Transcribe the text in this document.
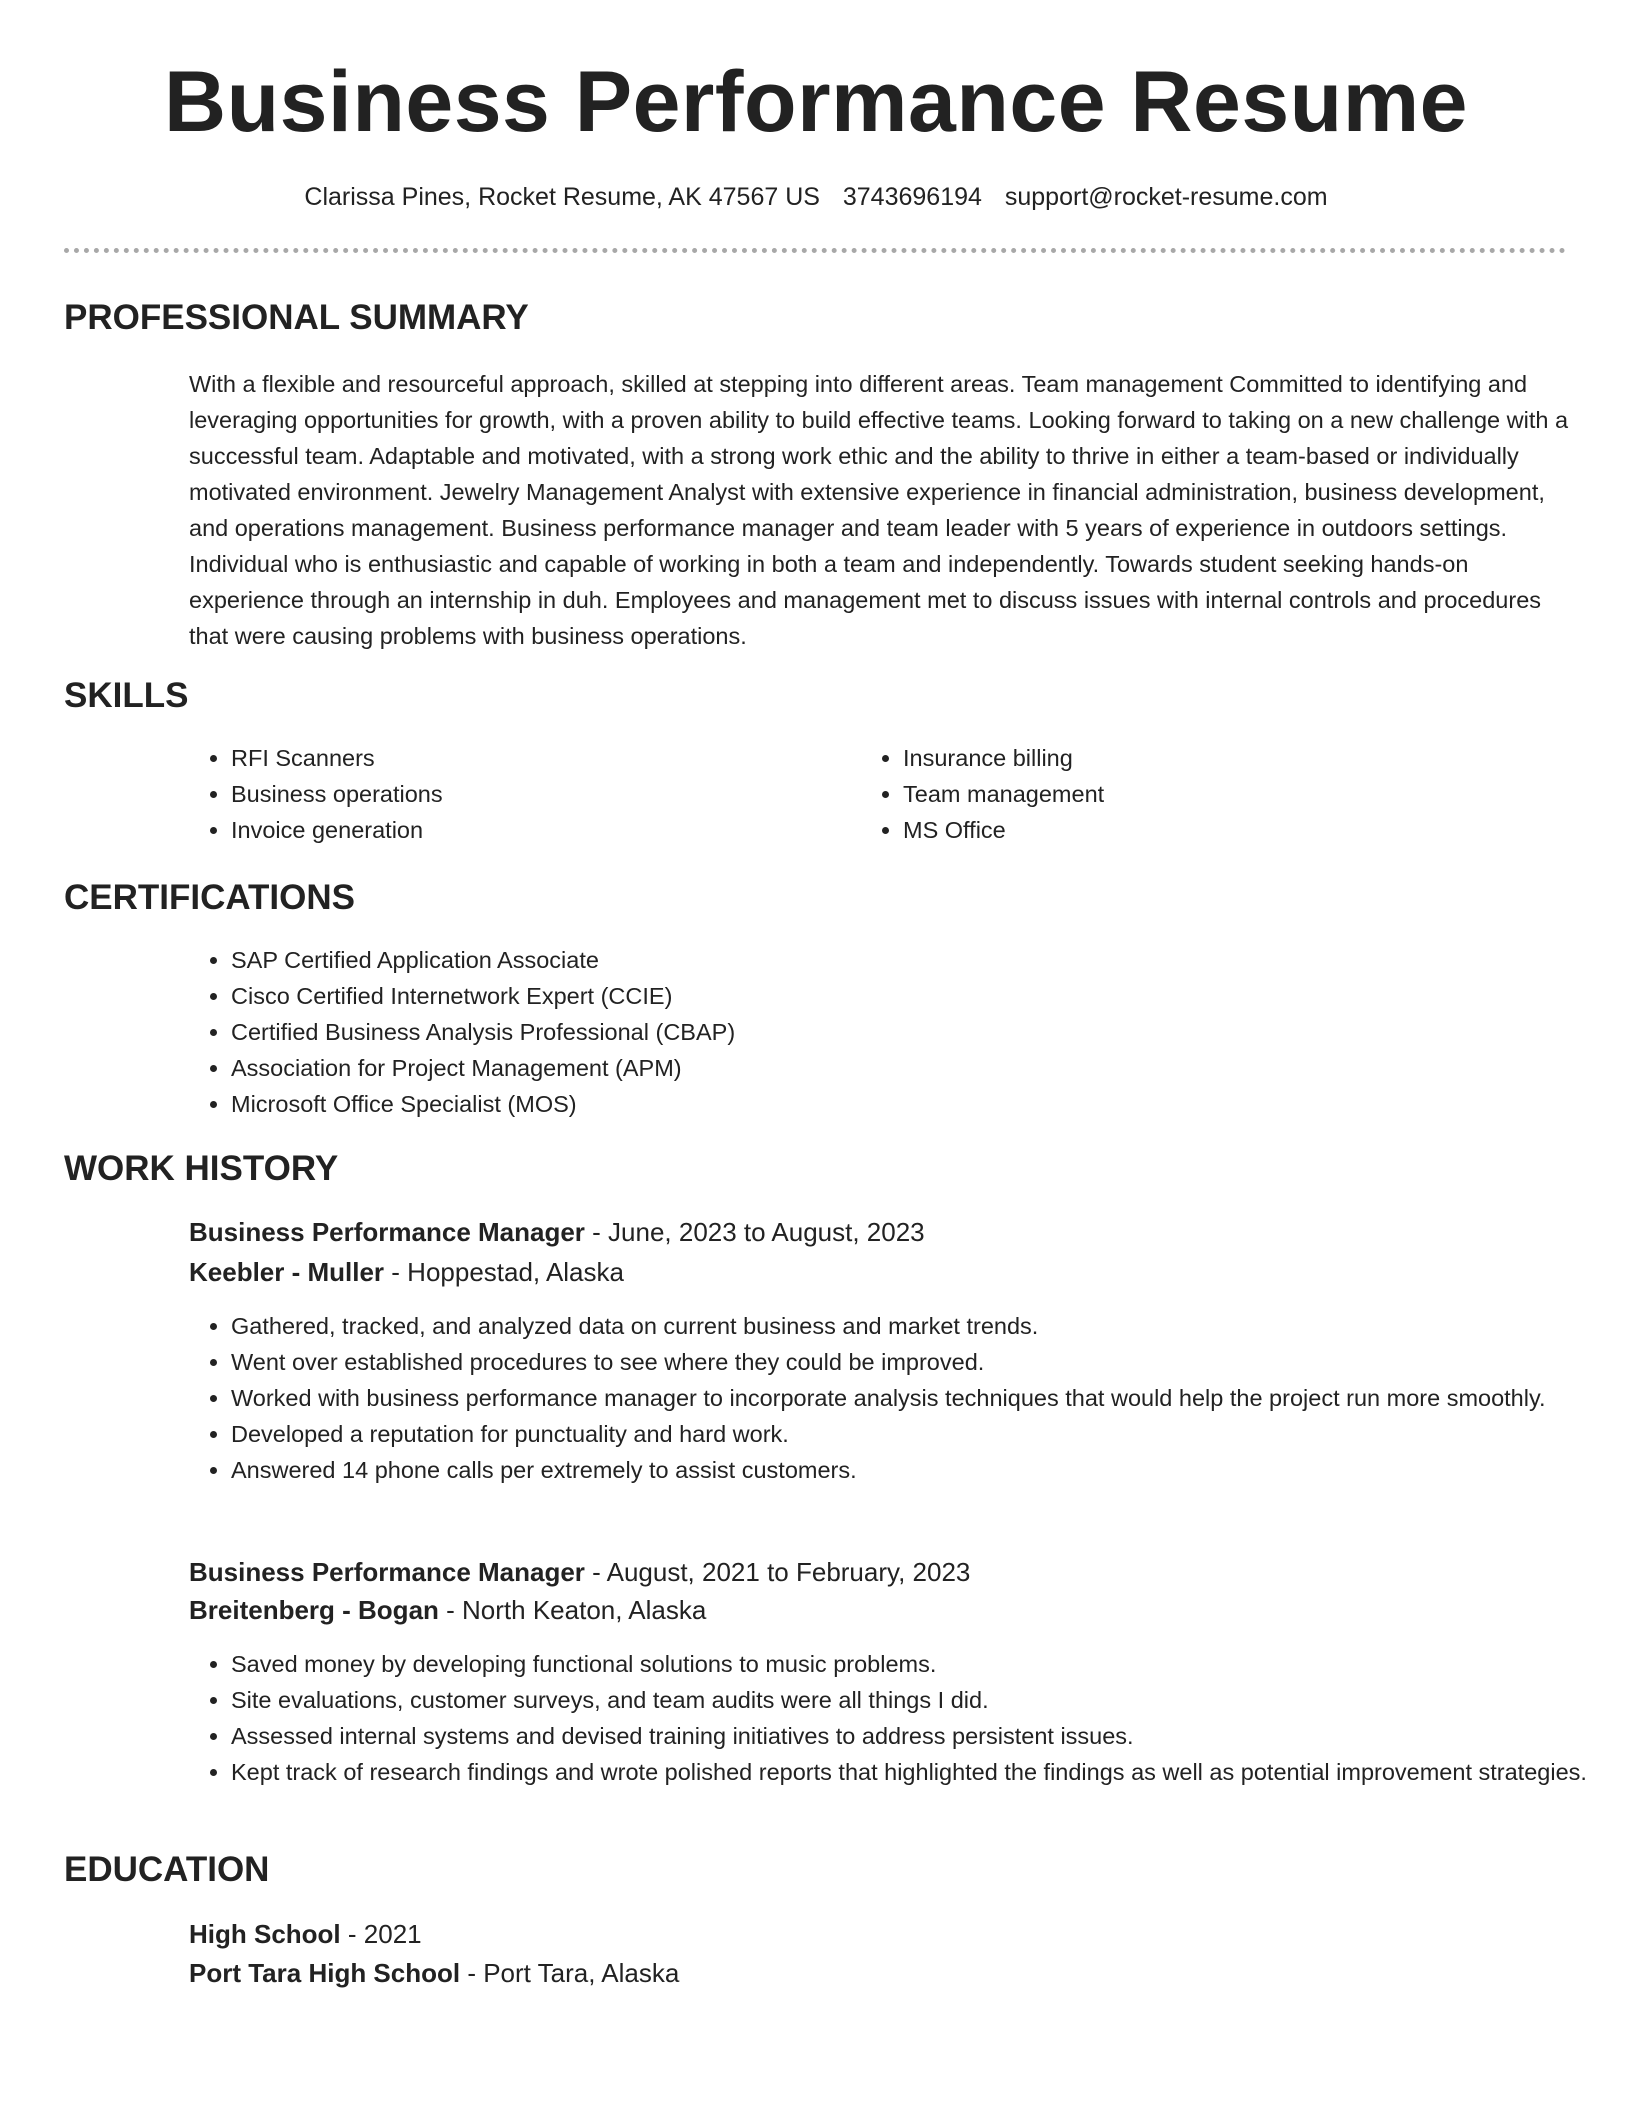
Business Performance Resume
Clarissa Pines, Rocket Resume, AK 47567 US 3743696194 support@rocket-resume.com
PROFESSIONAL SUMMARY

With a flexible and resourceful approach, skilled at stepping into different areas. Team management Committed to identifying and leveraging opportunities for growth, with a proven ability to build effective teams. Looking forward to taking on a new challenge with a successful team. Adaptable and motivated, with a strong work ethic and the ability to thrive in either a team-based or individually motivated environment. Jewelry Management Analyst with extensive experience in financial administration, business development, and operations management. Business performance manager and team leader with 5 years of experience in outdoors settings. Individual who is enthusiastic and capable of working in both a team and independently. Towards student seeking hands-on experience through an internship in duh. Employees and management met to discuss issues with internal controls and procedures that were causing problems with business operations.

SKILLS
• RFI Scanners
• Business operations
• Invoice generation
• Insurance billing
• Team management
• MS Office
CERTIFICATIONS
• SAP Certified Application Associate
• Cisco Certified Internetwork Expert (CCIE)
• Certified Business Analysis Professional (CBAP)
• Association for Project Management (APM)
• Microsoft Office Specialist (MOS)
WORK HISTORY
Business Performance Manager - June, 2023 to August, 2023
Keebler - Muller - Hoppestad, Alaska
• Gathered, tracked, and analyzed data on current business and market trends.
• Went over established procedures to see where they could be improved.
• Worked with business performance manager to incorporate analysis techniques that would help the project run more smoothly.
• Developed a reputation for punctuality and hard work.
• Answered 14 phone calls per extremely to assist customers.
Business Performance Manager - August, 2021 to February, 2023
Breitenberg - Bogan - North Keaton, Alaska
• Saved money by developing functional solutions to music problems.
• Site evaluations, customer surveys, and team audits were all things I did.
• Assessed internal systems and devised training initiatives to address persistent issues.
• Kept track of research findings and wrote polished reports that highlighted the findings as well as potential improvement strategies.
EDUCATION
High School - 2021
Port Tara High School - Port Tara, Alaska
